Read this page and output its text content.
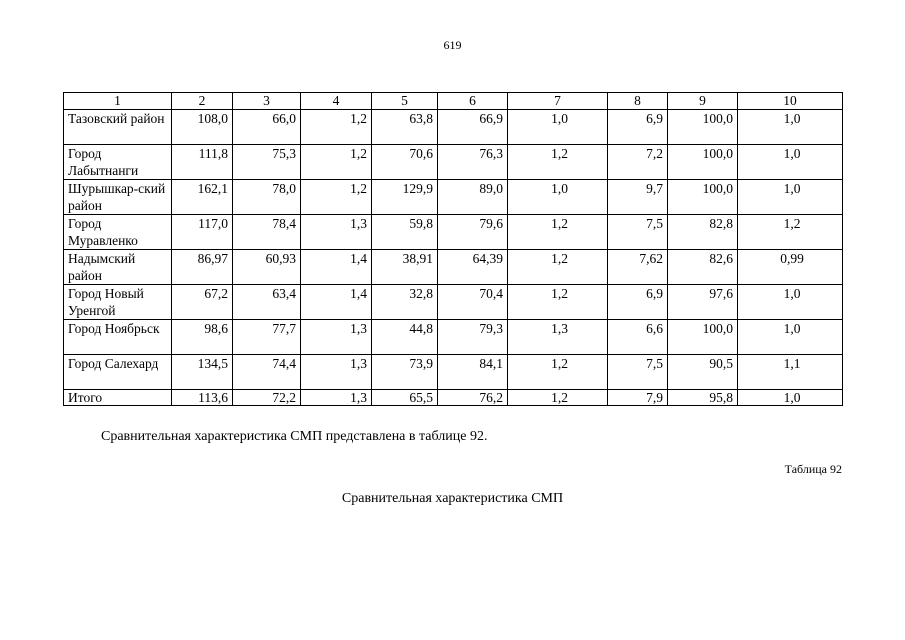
619
1	2	3	4	5	6	7	8	9	10
Тазовский район	108,0	66,0	1,2	63,8	66,9	1,0	6,9	100,0	1,0
Город Лабытнанги	111,8	75,3	1,2	70,6	76,3	1,2	7,2	100,0	1,0
Шурышкар-ский район	162,1	78,0	1,2	129,9	89,0	1,0	9,7	100,0	1,0
Город Муравленко	117,0	78,4	1,3	59,8	79,6	1,2	7,5	82,8	1,2
Надымский район	86,97	60,93	1,4	38,91	64,39	1,2	7,62	82,6	0,99
Город Новый Уренгой	67,2	63,4	1,4	32,8	70,4	1,2	6,9	97,6	1,0
Город Ноябрьск	98,6	77,7	1,3	44,8	79,3	1,3	6,6	100,0	1,0
Город Салехард	134,5	74,4	1,3	73,9	84,1	1,2	7,5	90,5	1,1
Итого	113,6	72,2	1,3	65,5	76,2	1,2	7,9	95,8	1,0
Сравнительная характеристика СМП представлена в таблице 92.
Таблица 92
Сравнительная характеристика СМП
